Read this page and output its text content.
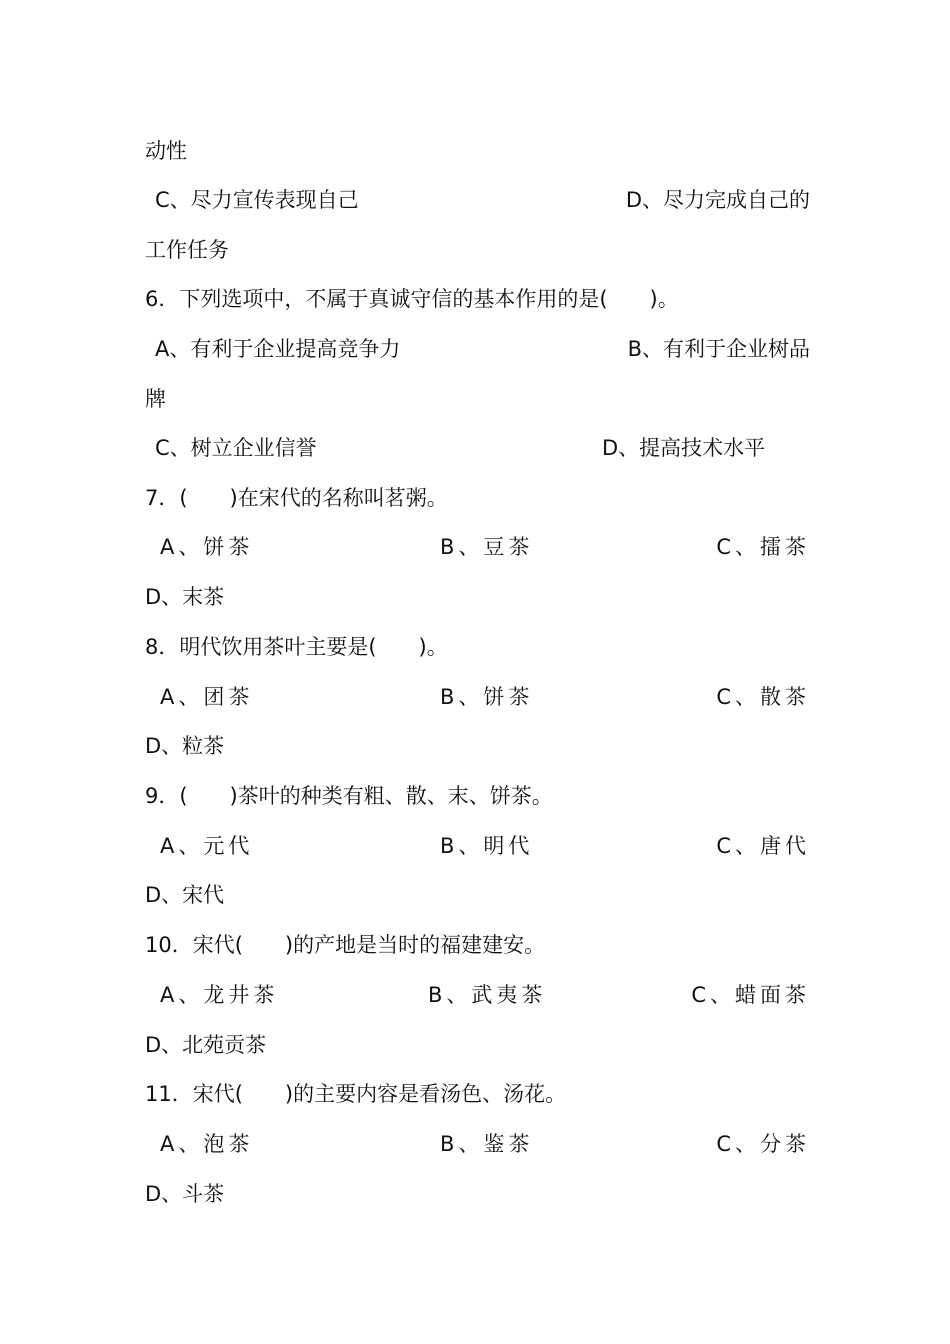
动性
C、尽力宣传表现自己	D、尽力完成自己的
工作任务
6．下列选项中，不属于真诚守信的基本作用的是(　　)。
A、有利于企业提高竞争力	B、有利于企业树品
牌
C、树立企业信誉	D、提高技术水平
7．(　　)在宋代的名称叫茗粥。
A、饼茶	B、豆茶	C、擂茶
D、末茶
8．明代饮用茶叶主要是(　　)。
A、团茶	B、饼茶	C、散茶
D、粒茶
9．(　　)茶叶的种类有粗、散、末、饼茶。
A、元代	B、明代	C、唐代
D、宋代
10．宋代(　　)的产地是当时的福建建安。
A、龙井茶	B、武夷茶	C、蜡面茶
D、北苑贡茶
11．宋代(　　)的主要内容是看汤色、汤花。
A、泡茶	B、鉴茶	C、分茶
D、斗茶
